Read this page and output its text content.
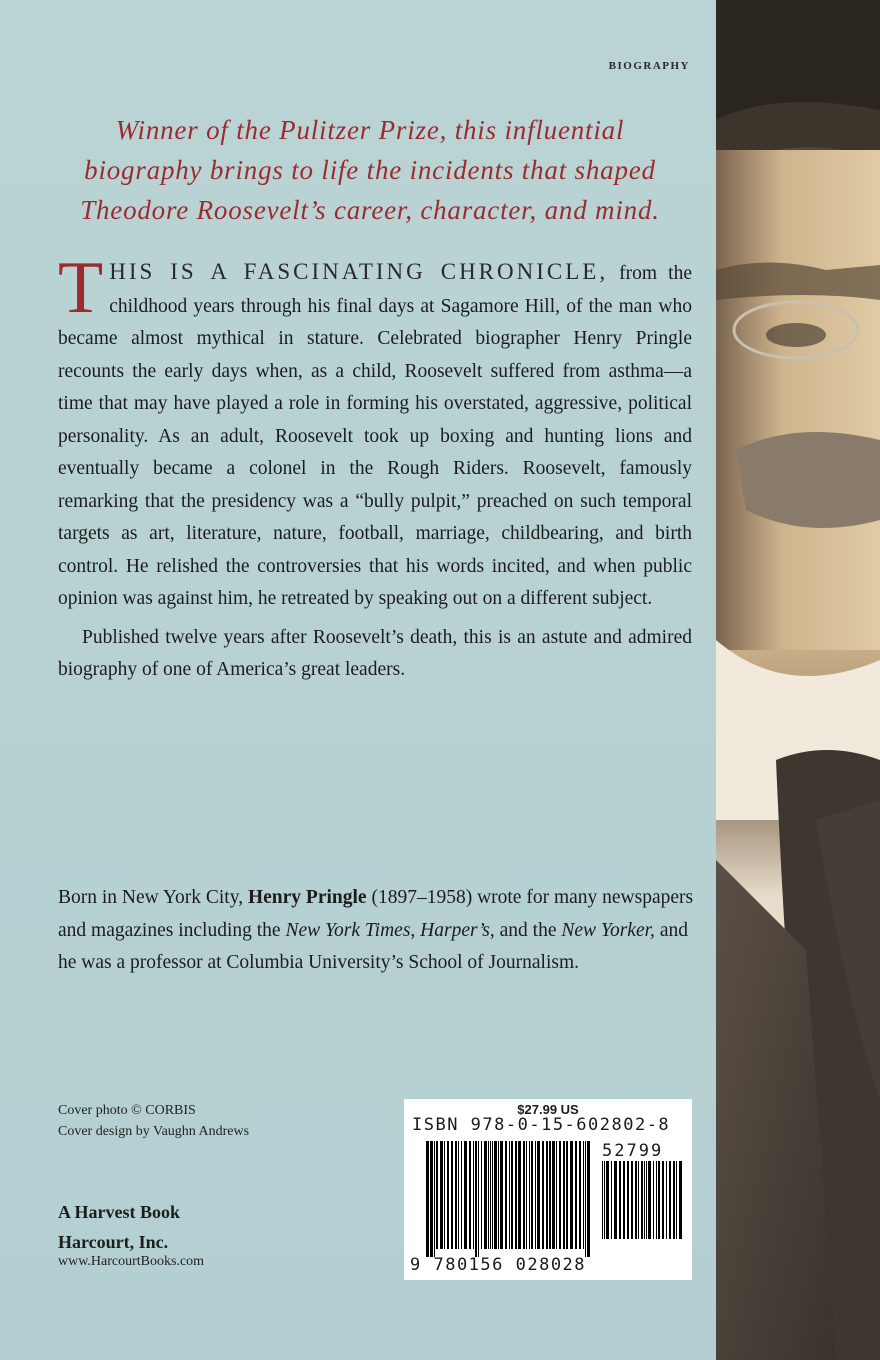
BIOGRAPHY
Winner of the Pulitzer Prize, this influential biography brings to life the incidents that shaped Theodore Roosevelt’s career, character, and mind.

THIS IS A FASCINATING CHRONICLE, from the childhood years through his final days at Sagamore Hill, of the man who became almost mythical in stature. Celebrated biographer Henry Pringle recounts the early days when, as a child, Roosevelt suffered from asthma—a time that may have played a role in forming his overstated, aggressive, political personality. As an adult, Roosevelt took up boxing and hunting lions and eventually became a colonel in the Rough Riders. Roosevelt, famously remarking that the presidency was a “bully pulpit,” preached on such temporal targets as art, literature, nature, football, marriage, childbearing, and birth control. He relished the controversies that his words incited, and when public opinion was against him, he retreated by speaking out on a different subject.

Published twelve years after Roosevelt’s death, this is an astute and admired biography of one of America’s great leaders.

Born in New York City, Henry Pringle (1897–1958) wrote for many newspapers and magazines including the New York Times, Harper’s, and the New Yorker, and he was a professor at Columbia University’s School of Journalism.

Cover photo © CORBIS
Cover design by Vaughn Andrews
A Harvest Book
Harcourt, Inc.
www.HarcourtBooks.com
$27.99 US
ISBN 978-0-15-602802-8
52799
9 780156 028028
